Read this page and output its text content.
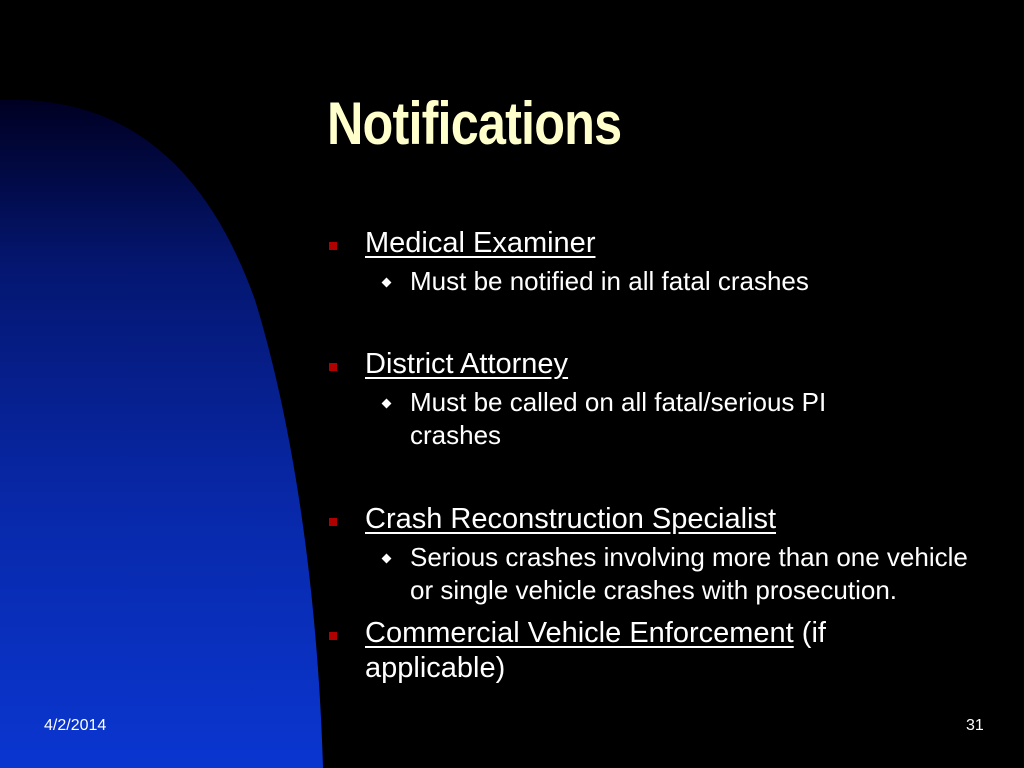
Notifications
Medical Examiner
Must be notified in all fatal crashes
District Attorney
Must be called on all fatal/serious PI crashes
Crash Reconstruction Specialist
Serious crashes involving more than one vehicle or single vehicle crashes with prosecution.
Commercial Vehicle Enforcement (if applicable)
4/2/2014	31
